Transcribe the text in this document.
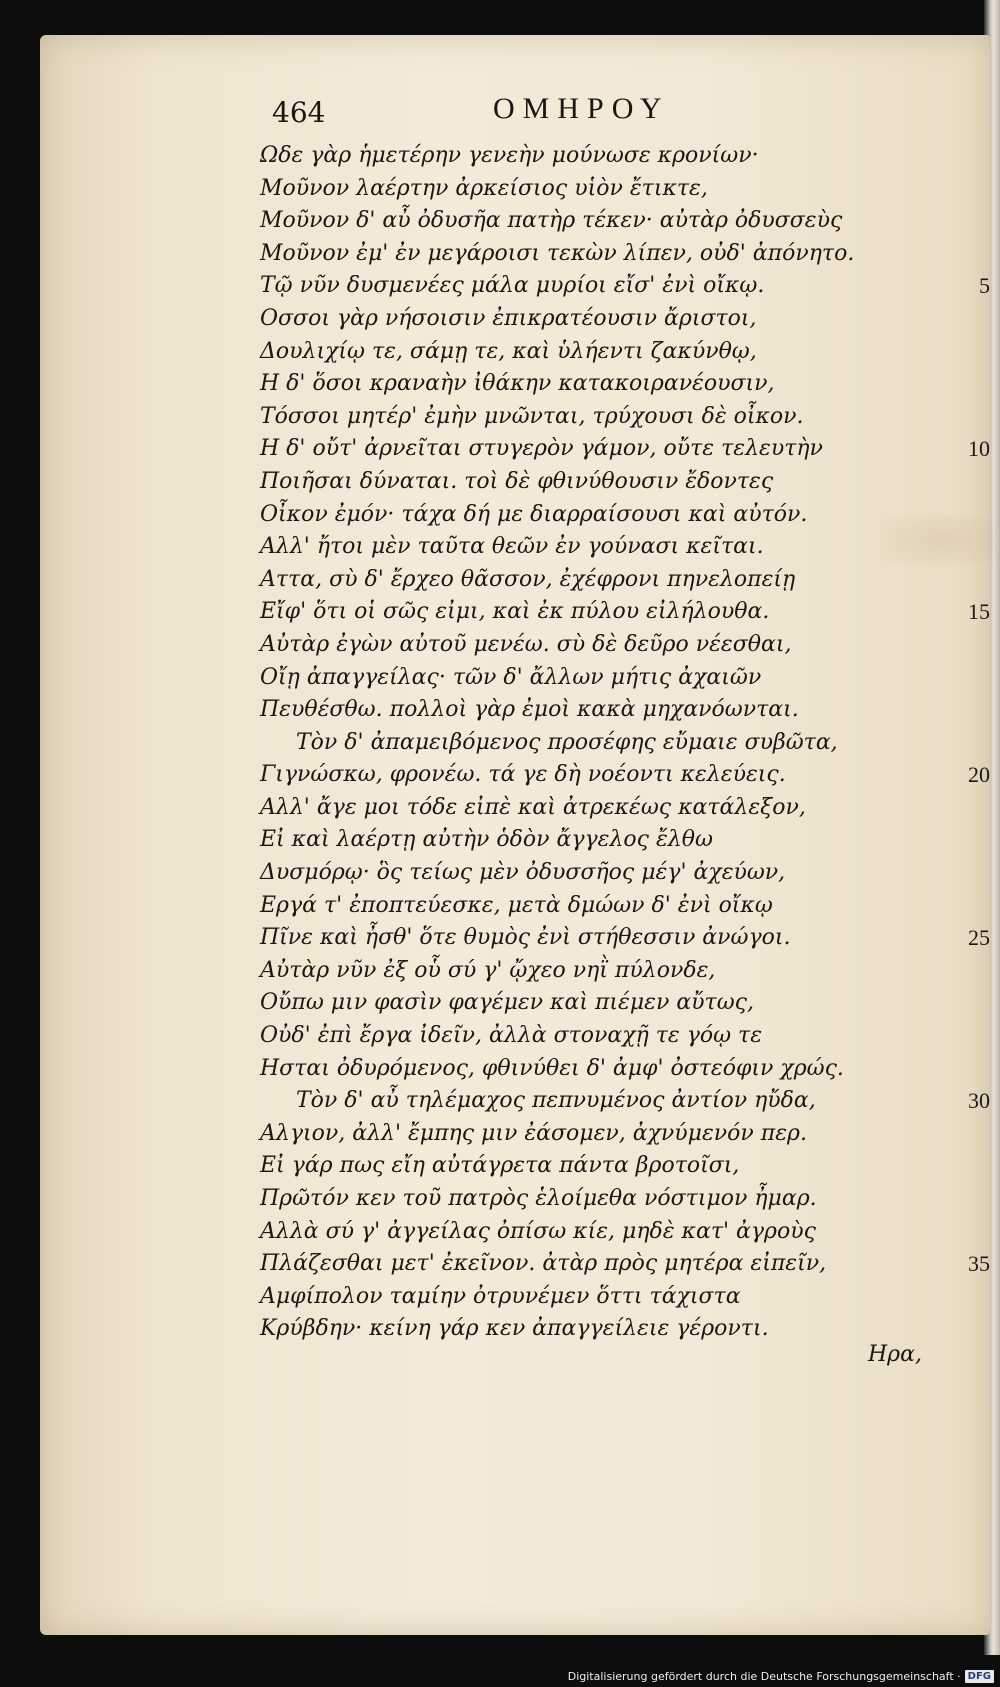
464	ΟΜΗΡΟΥ
Ωδε γὰρ ἡμετέρην γενεὴν μούνωσε κρονίων·
Μοῦνον λαέρτην ἀρκείσιος υἱὸν ἔτικτε,
Μοῦνον δ' αὖ ὀδυσῆα πατὴρ τέκεν· αὐτὰρ ὀδυσσεὺς
Μοῦνον ἐμ' ἐν μεγάροισι τεκὼν λίπεν, οὐδ' ἀπόνητο.
Τῷ νῦν δυσμενέες μάλα μυρίοι εἴσ' ἐνὶ οἴκῳ.
Οσσοι γὰρ νήσοισιν ἐπικρατέουσιν ἄριστοι,
Δουλιχίῳ τε, σάμῃ τε, καὶ ὑλήεντι ζακύνθῳ,
Η δ' ὅσοι κραναὴν ἰθάκην κατακοιρανέουσιν,
Τόσσοι μητέρ' ἐμὴν μνῶνται, τρύχουσι δὲ οἶκον.
Η δ' οὔτ' ἀρνεῖται στυγερὸν γάμον, οὔτε τελευτὴν
Ποιῆσαι δύναται. τοὶ δὲ φθινύθουσιν ἔδοντες
Οἶκον ἐμόν· τάχα δή με διαρραίσουσι καὶ αὐτόν.
Αλλ' ἤτοι μὲν ταῦτα θεῶν ἐν γούνασι κεῖται.
Αττα, σὺ δ' ἔρχεο θᾶσσον, ἐχέφρονι πηνελοπείῃ
Εἴφ' ὅτι οἱ σῶς εἰμι, καὶ ἐκ πύλου εἰλήλουθα.
Αὐτὰρ ἐγὼν αὐτοῦ μενέω. σὺ δὲ δεῦρο νέεσθαι,
Οἴῃ ἀπαγγείλας· τῶν δ' ἄλλων μήτις ἀχαιῶν
Πευθέσθω. πολλοὶ γὰρ ἐμοὶ κακὰ μηχανόωνται.
Τὸν δ' ἀπαμειβόμενος προσέφης εὔμαιε συβῶτα,
Γιγνώσκω, φρονέω. τά γε δὴ νοέοντι κελεύεις.
Αλλ' ἄγε μοι τόδε εἰπὲ καὶ ἀτρεκέως κατάλεξον,
Εἰ καὶ λαέρτῃ αὐτὴν ὁδὸν ἄγγελος ἔλθω
Δυσμόρῳ· ὃς τείως μὲν ὀδυσσῆος μέγ' ἀχεύων,
Εργά τ' ἐποπτεύεσκε, μετὰ δμώων δ' ἐνὶ οἴκῳ
Πῖνε καὶ ἦσθ' ὅτε θυμὸς ἐνὶ στήθεσσιν ἀνώγοι.
Αὐτὰρ νῦν ἐξ οὗ σύ γ' ᾤχεο νηῒ πύλονδε,
Οὔπω μιν φασὶν φαγέμεν καὶ πιέμεν αὔτως,
Οὐδ' ἐπὶ ἔργα ἰδεῖν, ἀλλὰ στοναχῇ τε γόῳ τε
Ησται ὀδυρόμενος, φθινύθει δ' ἀμφ' ὀστεόφιν χρώς.
Τὸν δ' αὖ τηλέμαχος πεπνυμένος ἀντίον ηὔδα,
Αλγιον, ἀλλ' ἔμπης μιν ἐάσομεν, ἀχνύμενόν περ.
Εἰ γάρ πως εἴη αὐτάγρετα πάντα βροτοῖσι,
Πρῶτόν κεν τοῦ πατρὸς ἑλοίμεθα νόστιμον ἦμαρ.
Αλλὰ σύ γ' ἀγγείλας ὀπίσω κίε, μηδὲ κατ' ἀγροὺς
Πλάζεσθαι μετ' ἐκεῖνον. ἀτὰρ πρὸς μητέρα εἰπεῖν,
Αμφίπολον ταμίην ὀτρυνέμεν ὅττι τάχιστα
Κρύβδην· κείνη γάρ κεν ἀπαγγείλειε γέροντι.
5
10
15
20
25
30
35
Ηρα,
Digitalisierung gefördert durch die Deutsche Forschungsgemeinschaft · DFG
